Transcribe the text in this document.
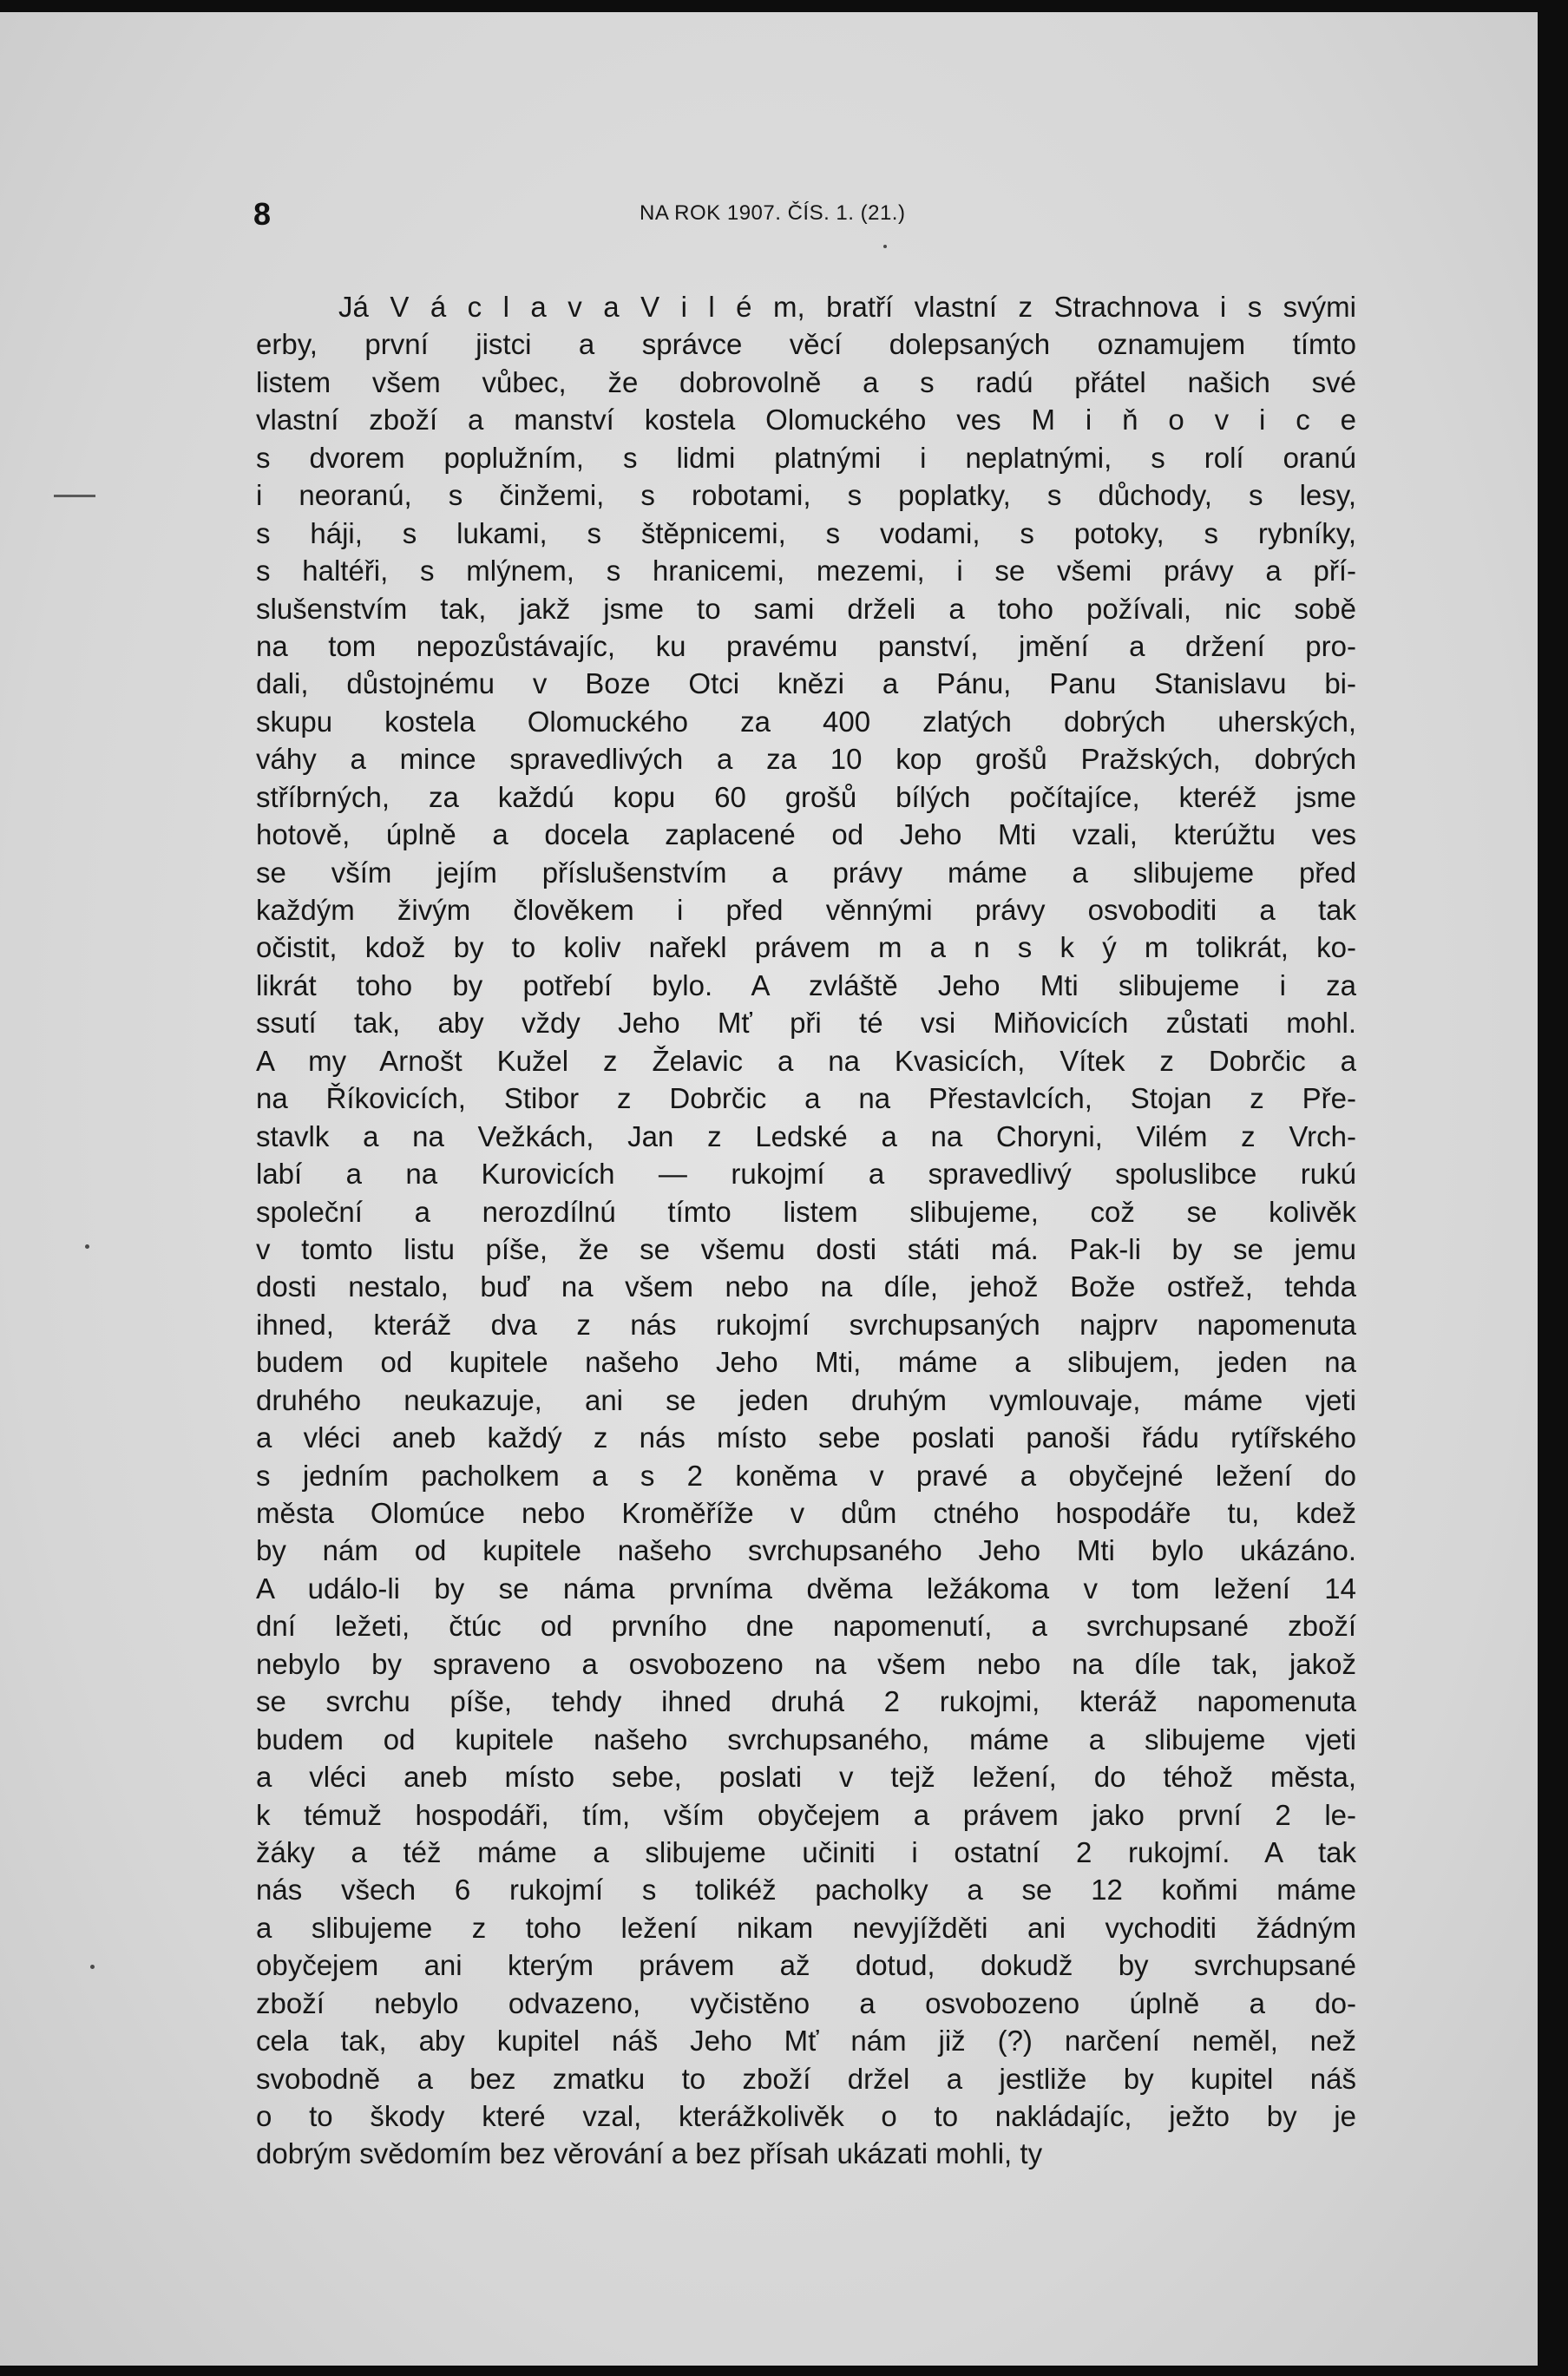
8	NA ROK 1907. ČÍS. 1. (21.)
Já V á c l a v a V i l é m, bratří vlastní z Strachnova i s svými
erby, první jistci a správce věcí dolepsaných oznamujem tímto
listem všem vůbec, že dobrovolně a s radú přátel našich své
vlastní zboží a manství kostela Olomuckého ves M i ň o v i c e
s dvorem poplužním, s lidmi platnými i neplatnými, s rolí oranú
i neoranú, s činžemi, s robotami, s poplatky, s důchody, s lesy,
s háji, s lukami, s štěpnicemi, s vodami, s potoky, s rybníky,
s haltéři, s mlýnem, s hranicemi, mezemi, i se všemi právy a pří-
slušenstvím tak, jakž jsme to sami drželi a toho požívali, nic sobě
na tom nepozůstávajíc, ku pravému panství, jmění a držení pro-
dali, důstojnému v Boze Otci knězi a Pánu, Panu Stanislavu bi-
skupu kostela Olomuckého za 400 zlatých dobrých uherských,
váhy a mince spravedlivých a za 10 kop grošů Pražských, dobrých
stříbrných, za každú kopu 60 grošů bílých počítajíce, kteréž jsme
hotově, úplně a docela zaplacené od Jeho Mti vzali, kterúžtu ves
se vším jejím příslušenstvím a právy máme a slibujeme před
každým živým člověkem i před věnnými právy osvoboditi a tak
očistit, kdož by to koliv nařekl právem m a n s k ý m tolikrát, ko-
likrát toho by potřebí bylo. A zvláště Jeho Mti slibujeme i za
ssutí tak, aby vždy Jeho Mť při té vsi Miňovicích zůstati mohl.
A my Arnošt Kužel z Želavic a na Kvasicích, Vítek z Dobrčic a
na Říkovicích, Stibor z Dobrčic a na Přestavlcích, Stojan z Pře-
stavlk a na Vežkách, Jan z Ledské a na Choryni, Vilém z Vrch-
labí a na Kurovicích — rukojmí a spravedlivý spoluslibce rukú
společní a nerozdílnú tímto listem slibujeme, což se kolivěk
v tomto listu píše, že se všemu dosti státi má. Pak-li by se jemu
dosti nestalo, buď na všem nebo na díle, jehož Bože ostřež, tehda
ihned, kteráž dva z nás rukojmí svrchupsaných najprv napomenuta
budem od kupitele našeho Jeho Mti, máme a slibujem, jeden na
druhého neukazuje, ani se jeden druhým vymlouvaje, máme vjeti
a vléci aneb každý z nás místo sebe poslati panoši řádu rytířského
s jedním pacholkem a s 2 koněma v pravé a obyčejné ležení do
města Olomúce nebo Kroměříže v dům ctného hospodáře tu, kdež
by nám od kupitele našeho svrchupsaného Jeho Mti bylo ukázáno.
A událo-li by se náma prvníma dvěma ležákoma v tom ležení 14
dní ležeti, čtúc od prvního dne napomenutí, a svrchupsané zboží
nebylo by spraveno a osvobozeno na všem nebo na díle tak, jakož
se svrchu píše, tehdy ihned druhá 2 rukojmi, kteráž napomenuta
budem od kupitele našeho svrchupsaného, máme a slibujeme vjeti
a vléci aneb místo sebe, poslati v tejž ležení, do téhož města,
k témuž hospodáři, tím, vším obyčejem a právem jako první 2 le-
žáky a též máme a slibujeme učiniti i ostatní 2 rukojmí. A tak
nás všech 6 rukojmí s tolikéž pacholky a se 12 koňmi máme
a slibujeme z toho ležení nikam nevyjížděti ani vychoditi žádným
obyčejem ani kterým právem až dotud, dokudž by svrchupsané
zboží nebylo odvazeno, vyčistěno a osvobozeno úplně a do-
cela tak, aby kupitel náš Jeho Mť nám již (?) narčení neměl, než
svobodně a bez zmatku to zboží držel a jestliže by kupitel náš
o to škody které vzal, kterážkolivěk o to nakládajíc, ježto by je
dobrým svědomím bez věrování a bez přísah ukázati mohli, ty
